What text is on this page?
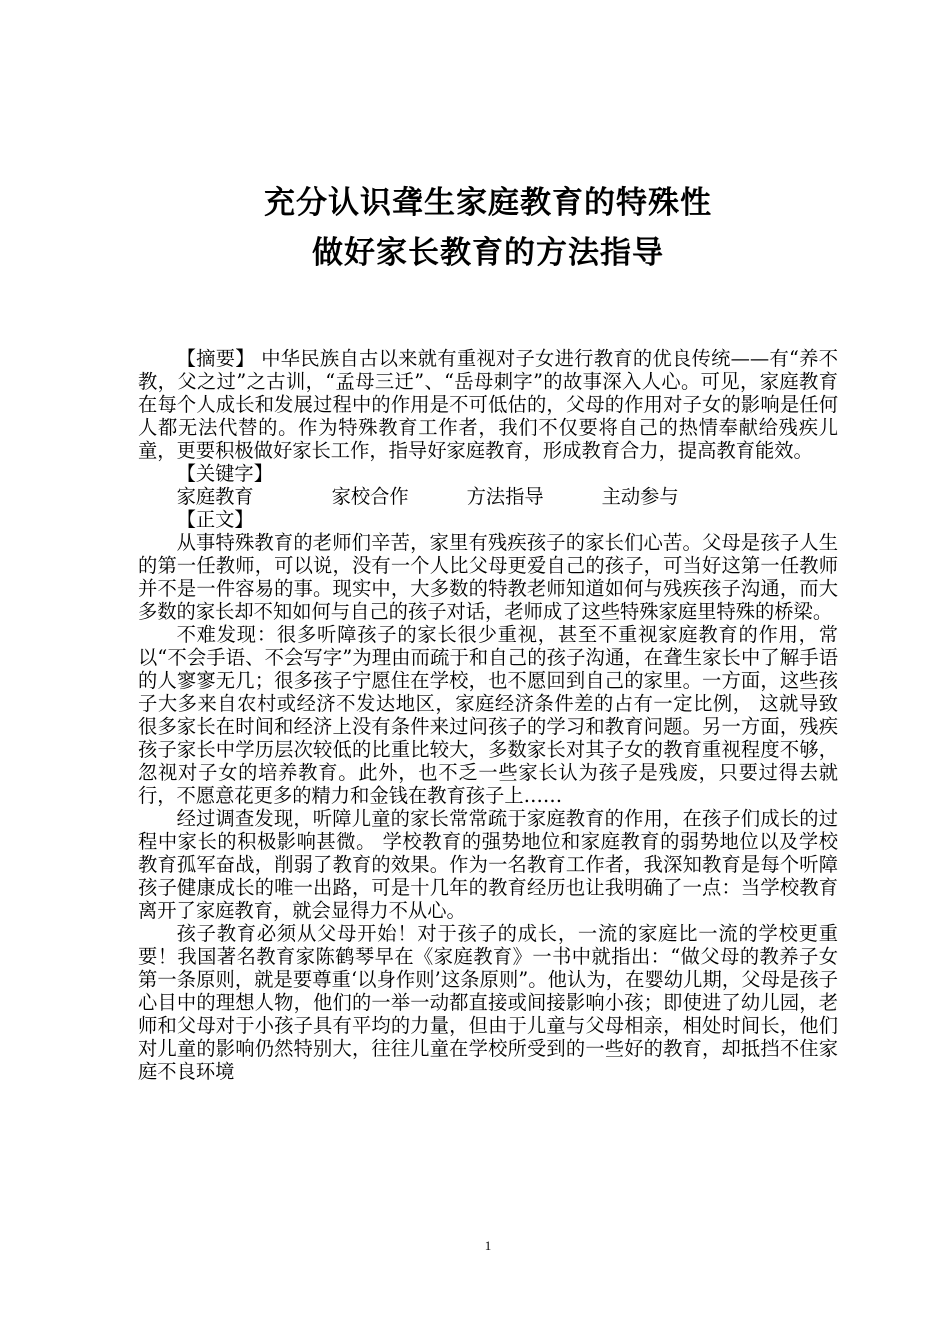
充分认识聋生家庭教育的特殊性
做好家长教育的方法指导

【摘要】 中华民族自古以来就有重视对子女进行教育的优良传统——有“养不教，父之过”之古训，“孟母三迁”、“岳母刺字”的故事深入人心。可见，家庭教育在每个人成长和发展过程中的作用是不可低估的，父母的作用对子女的影响是任何人都无法代替的。作为特殊教育工作者，我们不仅要将自己的热情奉献给残疾儿童，更要积极做好家长工作，指导好家庭教育，形成教育合力，提高教育能效。

【关键字】

家庭教育	家校合作	方法指导	主动参与

【正文】

从事特殊教育的老师们辛苦，家里有残疾孩子的家长们心苦。父母是孩子人生的第一任教师，可以说，没有一个人比父母更爱自己的孩子，可当好这第一任教师并不是一件容易的事。现实中，大多数的特教老师知道如何与残疾孩子沟通，而大多数的家长却不知如何与自己的孩子对话，老师成了这些特殊家庭里特殊的桥梁。

不难发现：很多听障孩子的家长很少重视，甚至不重视家庭教育的作用，常以“不会手语、不会写字”为理由而疏于和自己的孩子沟通，在聋生家长中了解手语的人寥寥无几；很多孩子宁愿住在学校，也不愿回到自己的家里。一方面，这些孩子大多来自农村或经济不发达地区，家庭经济条件差的占有一定比例， 这就导致很多家长在时间和经济上没有条件来过问孩子的学习和教育问题。另一方面，残疾孩子家长中学历层次较低的比重比较大，多数家长对其子女的教育重视程度不够，忽视对子女的培养教育。此外，也不乏一些家长认为孩子是残废，只要过得去就行，不愿意花更多的精力和金钱在教育孩子上……

经过调查发现，听障儿童的家长常常疏于家庭教育的作用，在孩子们成长的过程中家长的积极影响甚微。 学校教育的强势地位和家庭教育的弱势地位以及学校教育孤军奋战，削弱了教育的效果。作为一名教育工作者，我深知教育是每个听障孩子健康成长的唯一出路，可是十几年的教育经历也让我明确了一点：当学校教育离开了家庭教育，就会显得力不从心。

孩子教育必须从父母开始！对于孩子的成长，一流的家庭比一流的学校更重要！我国著名教育家陈鹤琴早在《家庭教育》一书中就指出：“做父母的教养子女第一条原则，就是要尊重‘以身作则’这条原则”。他认为，在婴幼儿期，父母是孩子心目中的理想人物，他们的一举一动都直接或间接影响小孩；即使进了幼儿园，老师和父母对于小孩子具有平均的力量，但由于儿童与父母相亲，相处时间长，他们对儿童的影响仍然特别大，往往儿童在学校所受到的一些好的教育，却抵挡不住家庭不良环境

1
